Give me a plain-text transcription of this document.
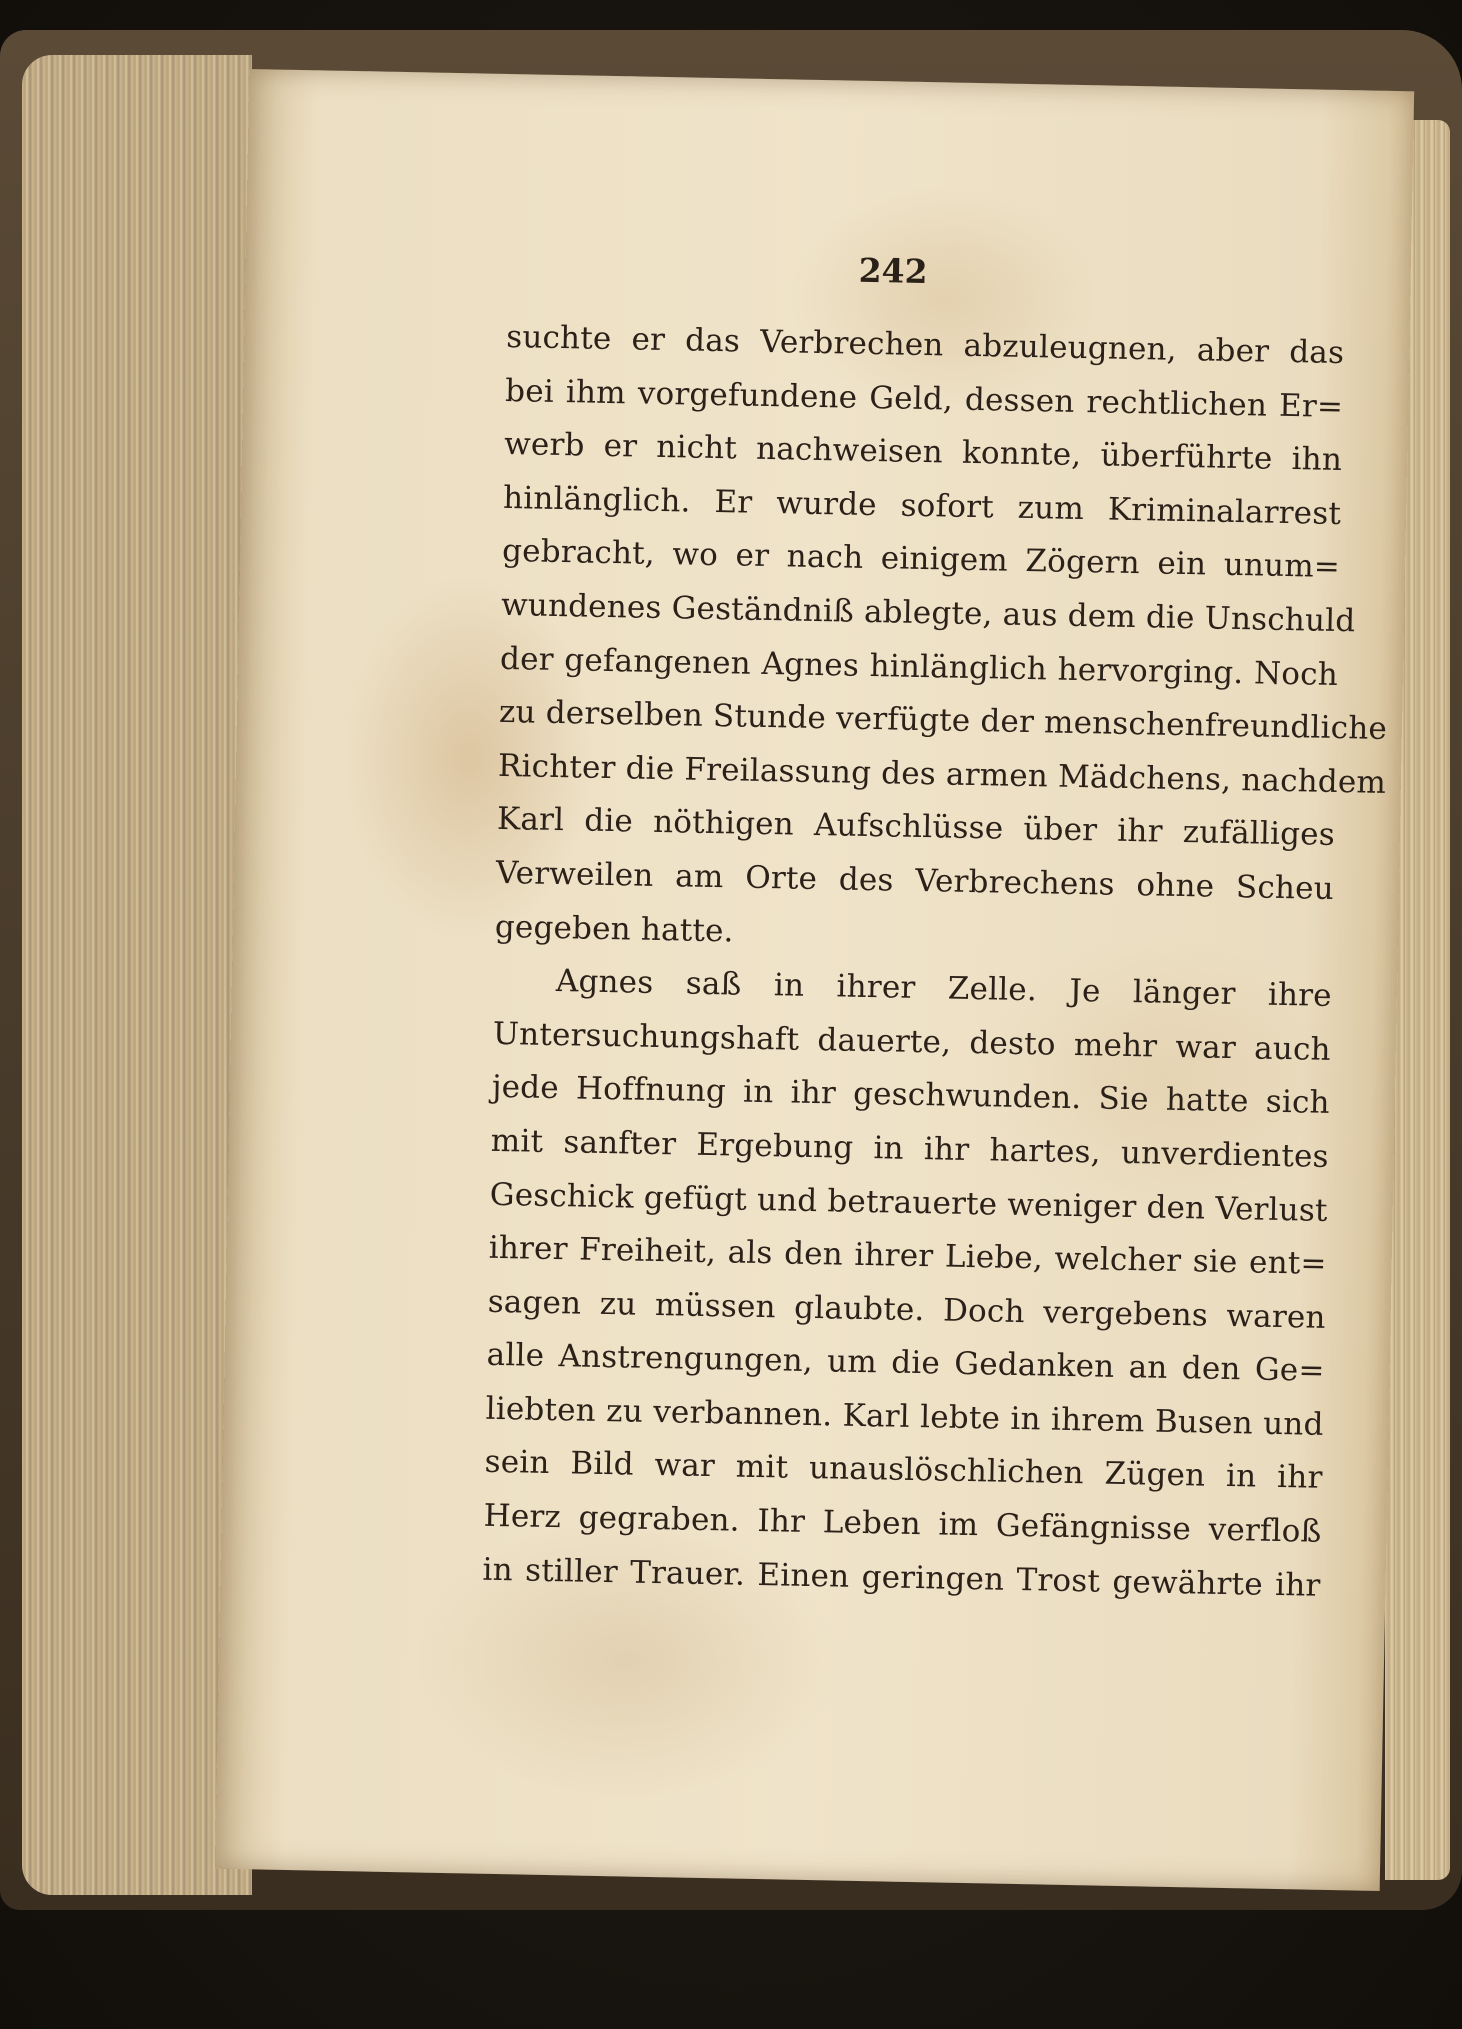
242
suchte er das Verbrechen abzuleugnen, aber das
bei ihm vorgefundene Geld, dessen rechtlichen Er=
werb er nicht nachweisen konnte, überführte ihn
hinlänglich. Er wurde sofort zum Kriminalarrest
gebracht, wo er nach einigem Zögern ein unum=
wundenes Geständniß ablegte, aus dem die Unschuld
der gefangenen Agnes hinlänglich hervorging. Noch
zu derselben Stunde verfügte der menschenfreundliche
Richter die Freilassung des armen Mädchens, nachdem
Karl die nöthigen Aufschlüsse über ihr zufälliges
Verweilen am Orte des Verbrechens ohne Scheu
gegeben hatte.
Agnes saß in ihrer Zelle. Je länger ihre
Untersuchungshaft dauerte, desto mehr war auch
jede Hoffnung in ihr geschwunden. Sie hatte sich
mit sanfter Ergebung in ihr hartes, unverdientes
Geschick gefügt und betrauerte weniger den Verlust
ihrer Freiheit, als den ihrer Liebe, welcher sie ent=
sagen zu müssen glaubte. Doch vergebens waren
alle Anstrengungen, um die Gedanken an den Ge=
liebten zu verbannen. Karl lebte in ihrem Busen und
sein Bild war mit unauslöschlichen Zügen in ihr
Herz gegraben. Ihr Leben im Gefängnisse verfloß
in stiller Trauer. Einen geringen Trost gewährte ihr
